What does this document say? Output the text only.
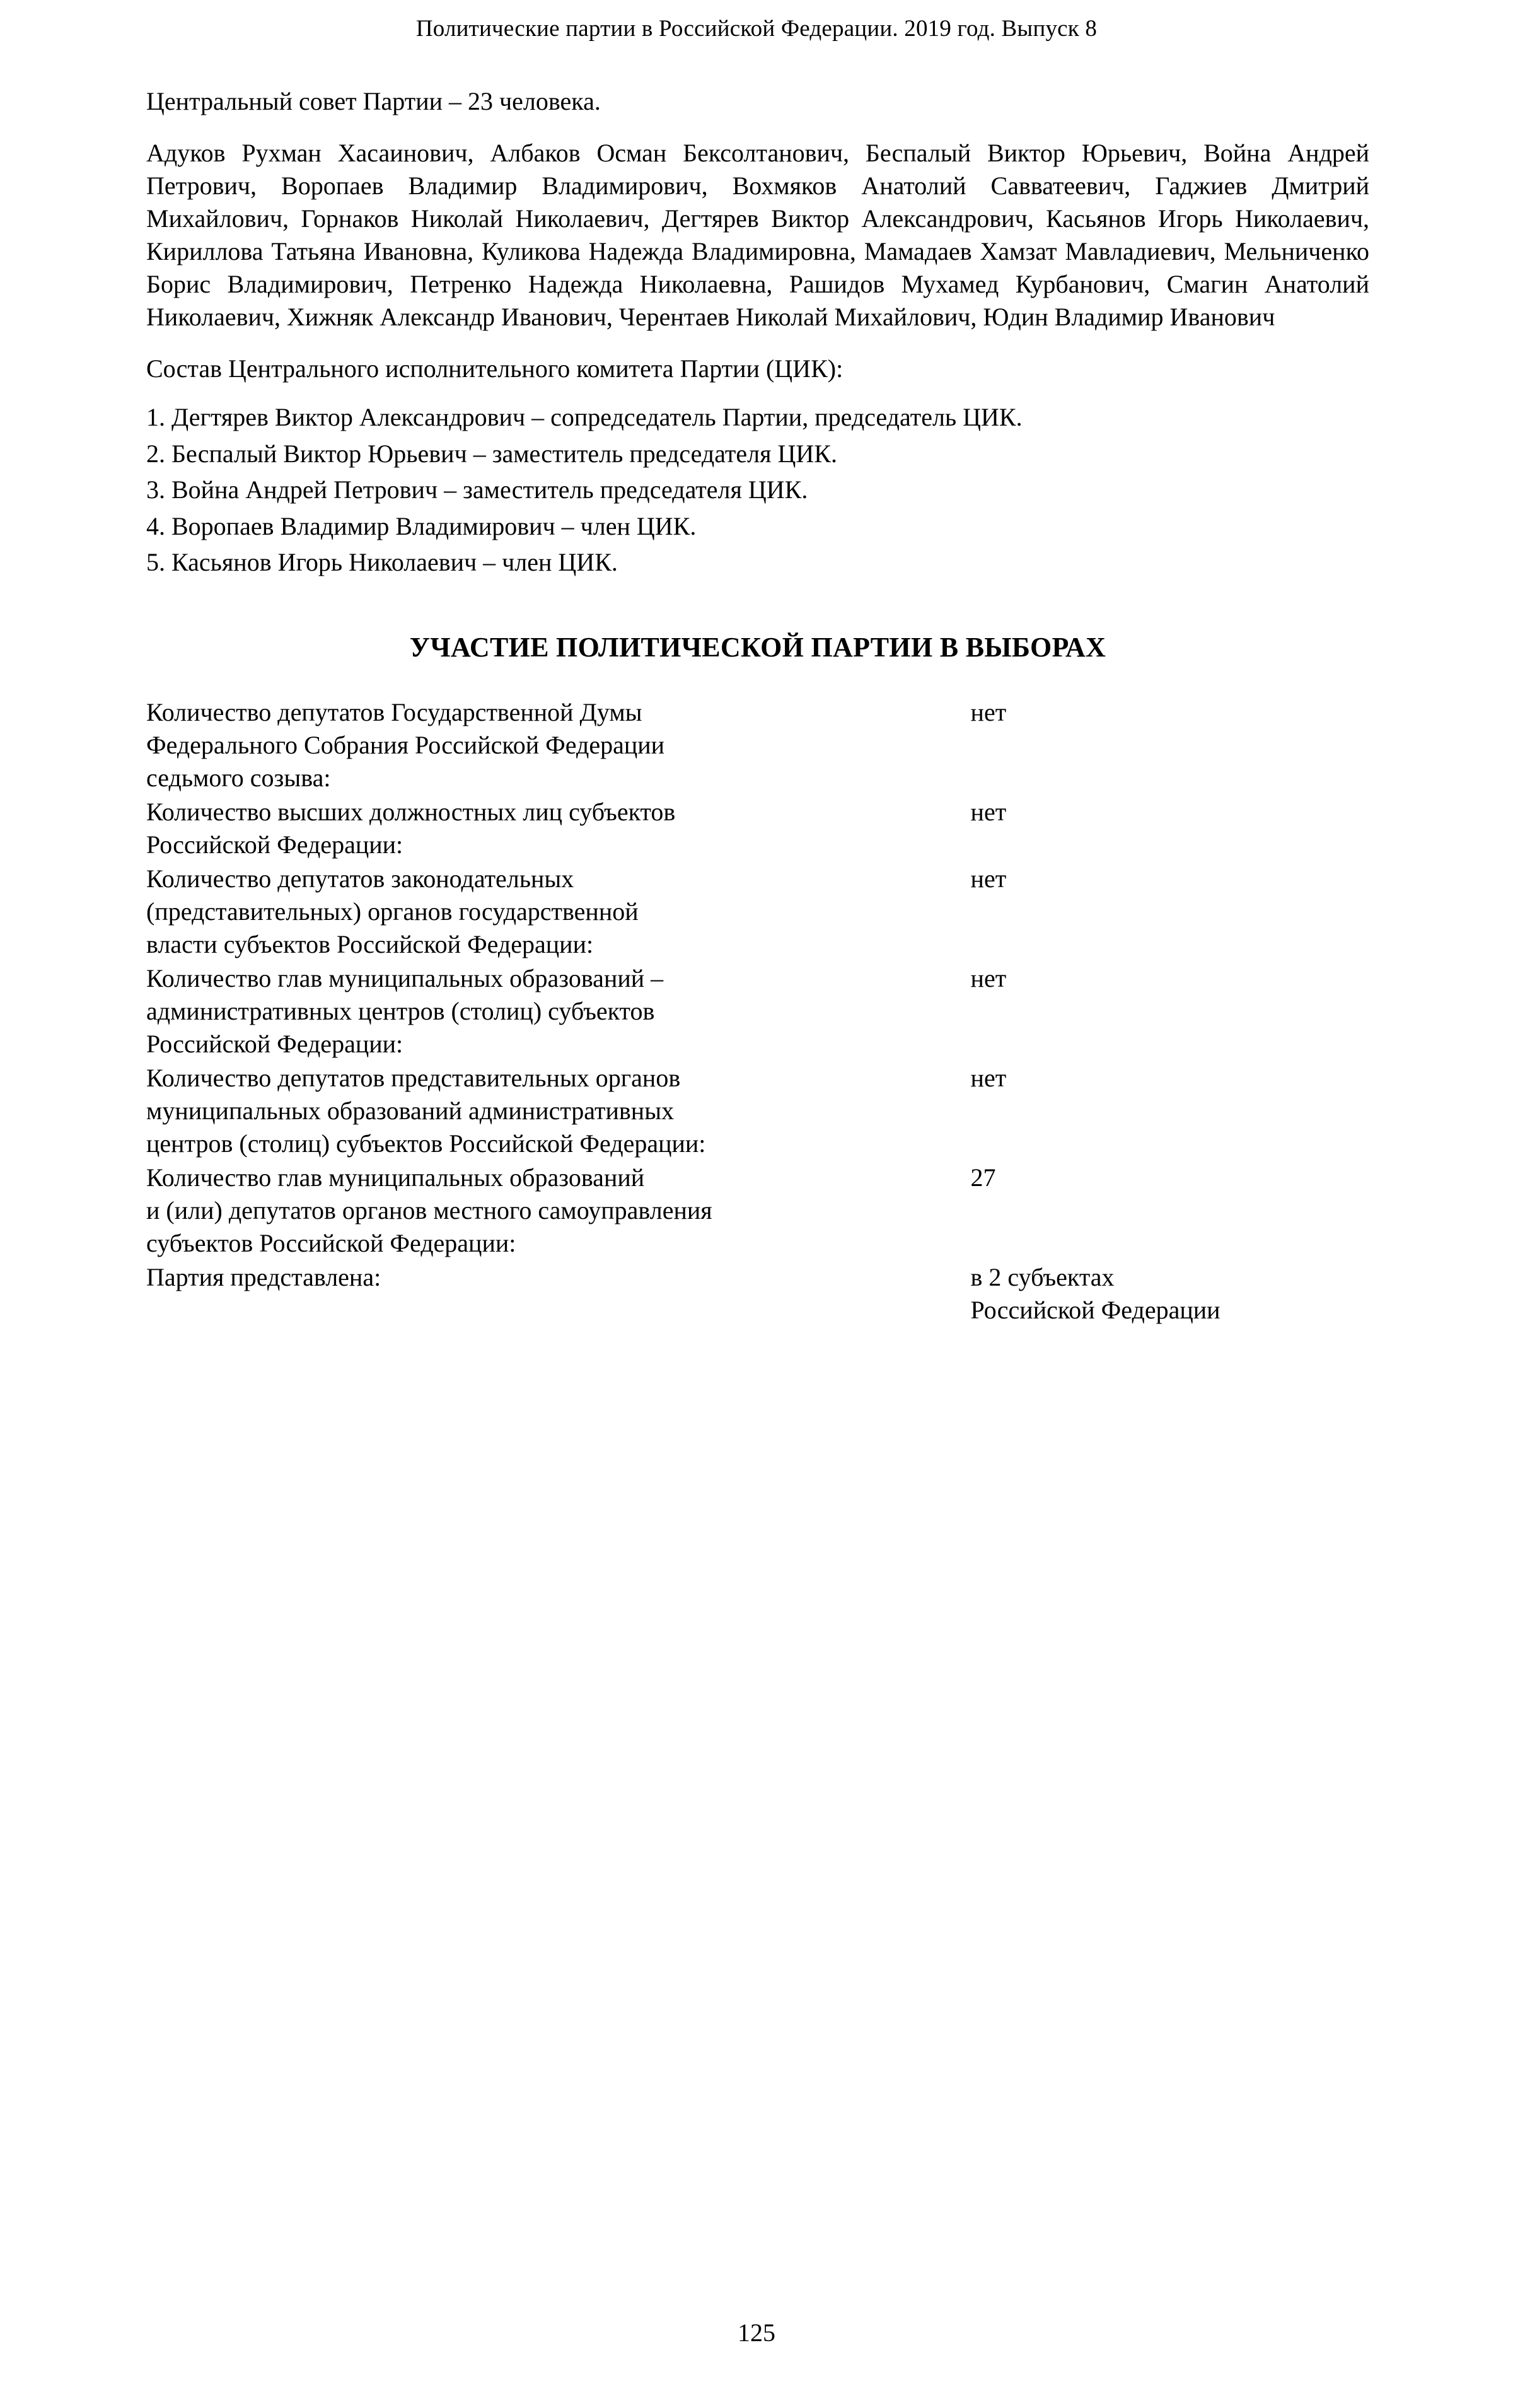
Политические партии в Российской Федерации. 2019 год. Выпуск 8

Центральный совет Партии – 23 человека.

Адуков Рухман Хасаинович, Албаков Осман Бексолтанович, Беспалый Виктор Юрьевич, Война Андрей Петрович, Воропаев Владимир Владимирович, Вохмяков Анатолий Савватеевич, Гаджиев Дмитрий Михайлович, Горнаков Николай Николаевич, Дегтярев Виктор Александрович, Касьянов Игорь Николаевич, Кириллова Татьяна Ивановна, Куликова Надежда Владимировна, Мамадаев Хамзат Мавладиевич, Мельниченко Борис Владимирович, Петренко Надежда Николаевна, Рашидов Мухамед Курбанович, Смагин Анатолий Николаевич, Хижняк Александр Иванович, Черентаев Николай Михайлович, Юдин Владимир Иванович

Состав Центрального исполнительного комитета Партии (ЦИК):

1. Дегтярев Виктор Александрович – сопредседатель Партии, председатель ЦИК.
2. Беспалый Виктор Юрьевич – заместитель председателя ЦИК.
3. Война Андрей Петрович – заместитель председателя ЦИК.
4. Воропаев Владимир Владимирович – член ЦИК.
5. Касьянов Игорь Николаевич – член ЦИК.
УЧАСТИЕ ПОЛИТИЧЕСКОЙ ПАРТИИ В ВЫБОРАХ
Количество депутатов Государственной Думы
Федерального Собрания Российской Федерации
седьмого созыва:	нет

Количество высших должностных лиц субъектов
Российской Федерации:	нет

Количество депутатов законодательных
(представительных) органов государственной
власти субъектов Российской Федерации:	нет

Количество глав муниципальных образований –
административных центров (столиц) субъектов
Российской Федерации:	нет

Количество депутатов представительных органов
муниципальных образований административных
центров (столиц) субъектов Российской Федерации:	нет

Количество глав муниципальных образований
и (или) депутатов органов местного самоуправления
субъектов Российской Федерации:	27

Партия представлена:	в 2 субъектах
Российской Федерации
125
